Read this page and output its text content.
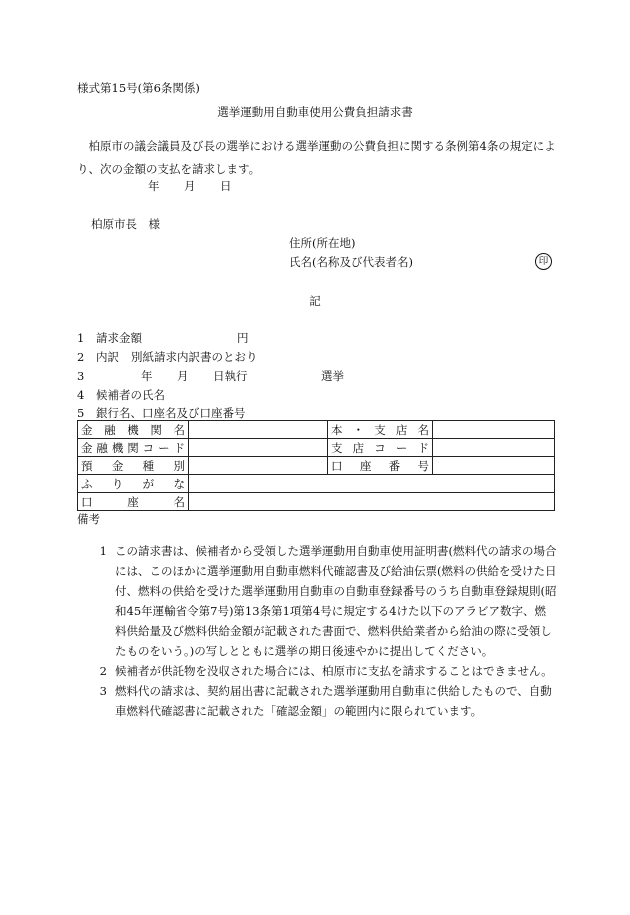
様式第15号(第6条関係)
選挙運動用自動車使用公費負担請求書

柏原市の議会議員及び長の選挙における選挙運動の公費負担に関する条例第4条の規定により、次の金額の支払を請求します。

年 月 日
柏原市長　様
住所(所在地)
氏名(名称及び代表者名)	印
記
1 請求金額	円
2 内訳 別紙請求内訳書のとおり
3	年 月 日執行	選挙
4 候補者の氏名
5 銀行名、口座名及び口座番号
金融機関名		本・支店名	
金融機関コード		支店コード	
預金種別		口座番号	
ふりがな			
口座名			
備考
1 この請求書は、候補者から受領した選挙運動用自動車使用証明書(燃料代の請求の場合には、このほかに選挙運動用自動車燃料代確認書及び給油伝票(燃料の供給を受けた日付、燃料の供給を受けた選挙運動用自動車の自動車登録番号のうち自動車登録規則(昭和45年運輸省令第7号)第13条第1項第4号に規定する4けた以下のアラビア数字、燃料供給量及び燃料供給金額が記載された書面で、燃料供給業者から給油の際に受領したものをいう。)の写しとともに選挙の期日後速やかに提出してください。
2 候補者が供託物を没収された場合には、柏原市に支払を請求することはできません。
3 燃料代の請求は、契約届出書に記載された選挙運動用自動車に供給したもので、自動車燃料代確認書に記載された「確認金額」の範囲内に限られています。
